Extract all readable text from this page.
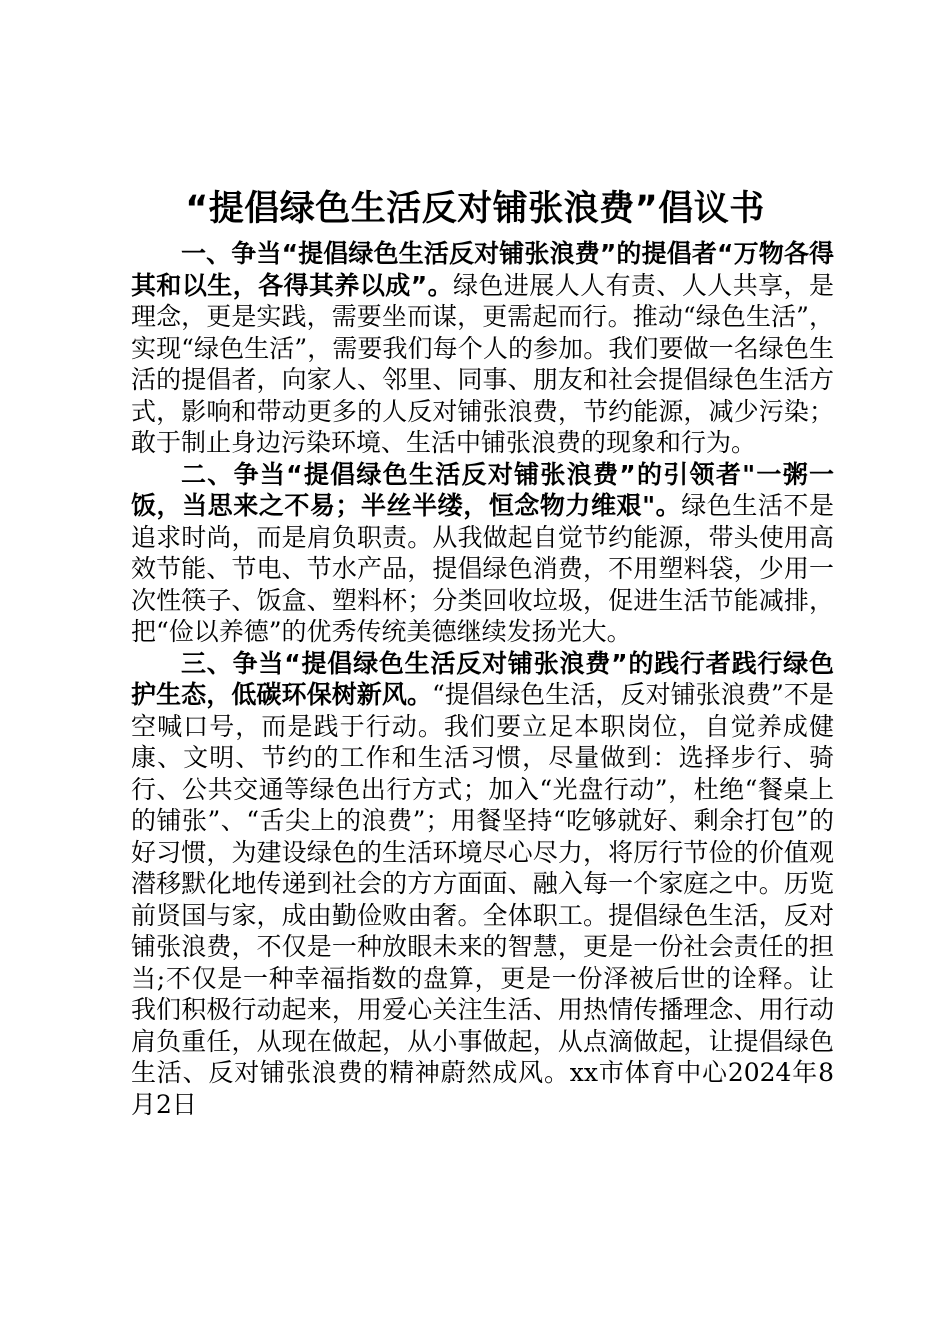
“提倡绿色生活反对铺张浪费”倡议书

一、争当“提倡绿色生活反对铺张浪费”的提倡者“万物各得其和以生，各得其养以成”。绿色进展人人有责、人人共享，是理念，更是实践，需要坐而谋，更需起而行。推动“绿色生活”，实现“绿色生活”，需要我们每个人的参加。我们要做一名绿色生活的提倡者，向家人、邻里、同事、朋友和社会提倡绿色生活方式，影响和带动更多的人反对铺张浪费，节约能源，减少污染；敢于制止身边污染环境、生活中铺张浪费的现象和行为。

二、争当“提倡绿色生活反对铺张浪费”的引领者"一粥一饭，当思来之不易；半丝半缕，恒念物力维艰"。绿色生活不是追求时尚，而是肩负职责。从我做起自觉节约能源，带头使用高效节能、节电、节水产品，提倡绿色消费，不用塑料袋，少用一次性筷子、饭盒、塑料杯；分类回收垃圾，促进生活节能减排，把“俭以养德”的优秀传统美德继续发扬光大。

三、争当“提倡绿色生活反对铺张浪费”的践行者践行绿色护生态，低碳环保树新风。“提倡绿色生活，反对铺张浪费”不是空喊口号，而是践于行动。我们要立足本职岗位，自觉养成健康、文明、节约的工作和生活习惯，尽量做到：选择步行、骑行、公共交通等绿色出行方式；加入“光盘行动”，杜绝“餐桌上的铺张”、“舌尖上的浪费”；用餐坚持“吃够就好、剩余打包”的好习惯，为建设绿色的生活环境尽心尽力，将厉行节俭的价值观潜移默化地传递到社会的方方面面、融入每一个家庭之中。历览前贤国与家，成由勤俭败由奢。全体职工。提倡绿色生活，反对铺张浪费，不仅是一种放眼未来的智慧，更是一份社会责任的担当;不仅是一种幸福指数的盘算，更是一份泽被后世的诠释。让我们积极行动起来，用爱心关注生活、用热情传播理念、用行动肩负重任，从现在做起，从小事做起，从点滴做起，让提倡绿色生活、反对铺张浪费的精神蔚然成风。xx市体育中心2024年8月2日
